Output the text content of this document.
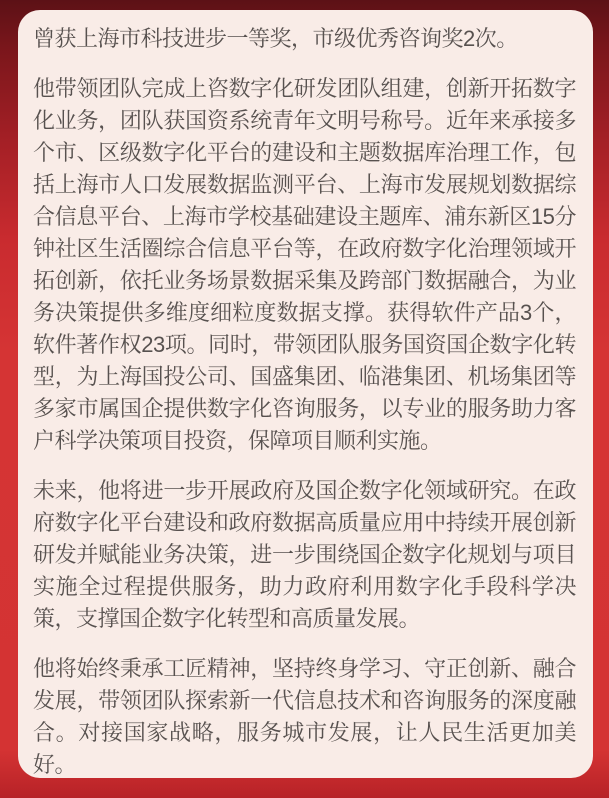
曾获上海市科技进步一等奖，市级优秀咨询奖2次。

他带领团队完成上咨数字化研发团队组建，创新开拓数字化业务，团队获国资系统青年文明号称号。近年来承接多个市、区级数字化平台的建设和主题数据库治理工作，包括上海市人口发展数据监测平台、上海市发展规划数据综合信息平台、上海市学校基础建设主题库、浦东新区15分钟社区生活圈综合信息平台等，在政府数字化治理领域开拓创新，依托业务场景数据采集及跨部门数据融合，为业务决策提供多维度细粒度数据支撑。获得软件产品3个，软件著作权23项。同时，带领团队服务国资国企数字化转型，为上海国投公司、国盛集团、临港集团、机场集团等多家市属国企提供数字化咨询服务，以专业的服务助力客户科学决策项目投资，保障项目顺利实施。

未来，他将进一步开展政府及国企数字化领域研究。在政府数字化平台建设和政府数据高质量应用中持续开展创新研发并赋能业务决策，进一步围绕国企数字化规划与项目实施全过程提供服务，助力政府利用数字化手段科学决策，支撑国企数字化转型和高质量发展。

他将始终秉承工匠精神，坚持终身学习、守正创新、融合发展，带领团队探索新一代信息技术和咨询服务的深度融合。对接国家战略，服务城市发展，让人民生活更加美好。
